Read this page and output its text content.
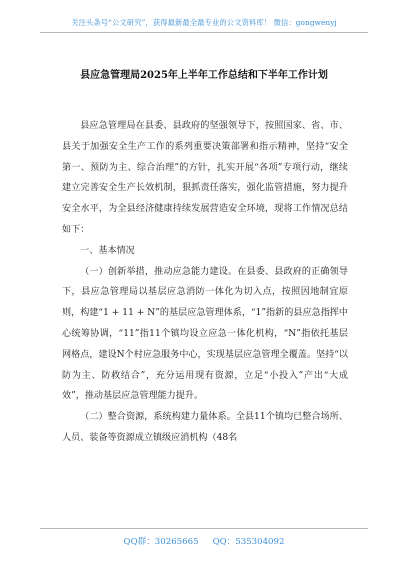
关注头条号“公文研究”，获得最新最全最专业的公文资料库！ 微信：gongwenyj
县应急管理局2025年上半年工作总结和下半年工作计划

县应急管理局在县委、县政府的坚强领导下，按照国家、省、市、县关于加强安全生产工作的系列重要决策部署和指示精神，坚持“安全第一、预防为主、综合治理”的方针，扎实开展“各项”专项行动，继续建立完善安全生产长效机制，狠抓责任落实，强化监管措施，努力提升安全水平，为全县经济健康持续发展营造安全环境，现将工作情况总结如下：

一、基本情况

（一）创新举措，推动应急能力建设。在县委、县政府的正确领导下，县应急管理局以基层应急消防一体化为切入点，按照因地制宜原则，构建“1 + 11 + N”的基层应急管理体系，“1”指新的县应急指挥中心统筹协调，“11”指11个镇均设立应急一体化机构，“N”指依托基层网格点，建设N个村应急服务中心，实现基层应急管理全覆盖。坚持“以防为主、防救结合”，充分运用现有资源，立足“小投入”产出“大成效”，推动基层应急管理能力提升。

（二）整合资源，系统构建力量体系。全县11个镇均已整合场所、人员、装备等资源成立镇级应消机构（48名

QQ群：30265665 QQ：535304092
